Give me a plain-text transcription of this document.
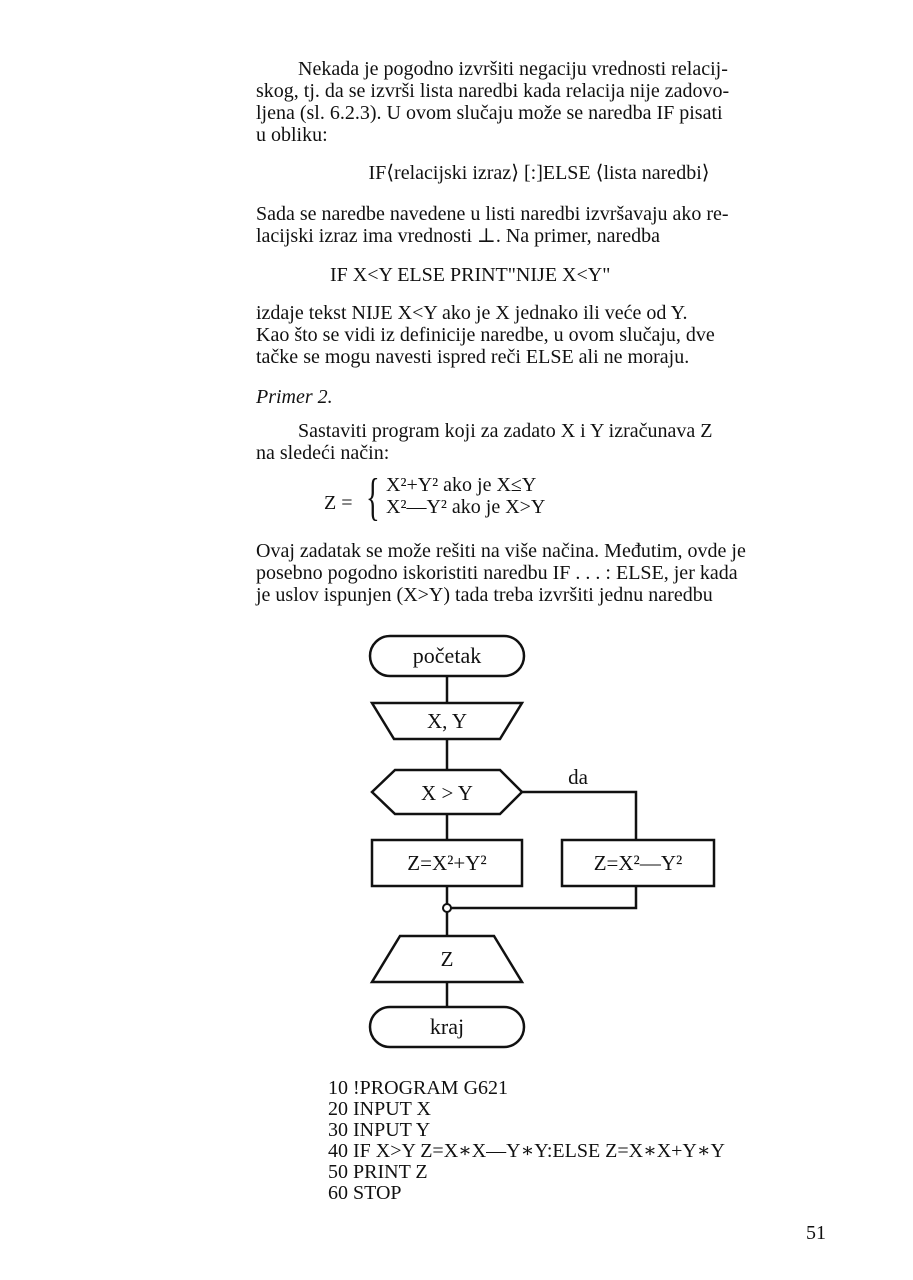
Nekada je pogodno izvršiti negaciju vrednosti relacij-
skog, tj. da se izvrši lista naredbi kada relacija nije zadovo-
ljena (sl. 6.2.3). U ovom slučaju može se naredba IF pisati
u obliku:
IF⟨relacijski izraz⟩ [:]ELSE ⟨lista naredbi⟩
Sada se naredbe navedene u listi naredbi izvršavaju ako re-
lacijski izraz ima vrednosti ⊥. Na primer, naredba
IF X<Y ELSE PRINT"NIJE X<Y"
izdaje tekst NIJE X<Y ako je X jednako ili veće od Y.
Kao što se vidi iz definicije naredbe, u ovom slučaju, dve
tačke se mogu navesti ispred reči ELSE ali ne moraju.
Primer 2.
Sastaviti program koji za zadato X i Y izračunava Z
na sledeći način:
Z = { X²+Y² ako je X≤Y
X²—Y² ako je X>Y
Ovaj zadatak se može rešiti na više načina. Međutim, ovde je
posebno pogodno iskoristiti naredbu IF . . . : ELSE, jer kada
je uslov ispunjen (X>Y) tada treba izvršiti jednu naredbu
početak
X, Y
X > Y
da
Z=X²+Y²	Z=X²—Y²
Z
kraj
10 !PROGRAM G621
20 INPUT X
30 INPUT Y
40 IF X>Y Z=X∗X—Y∗Y:ELSE Z=X∗X+Y∗Y
50 PRINT Z
60 STOP
51
